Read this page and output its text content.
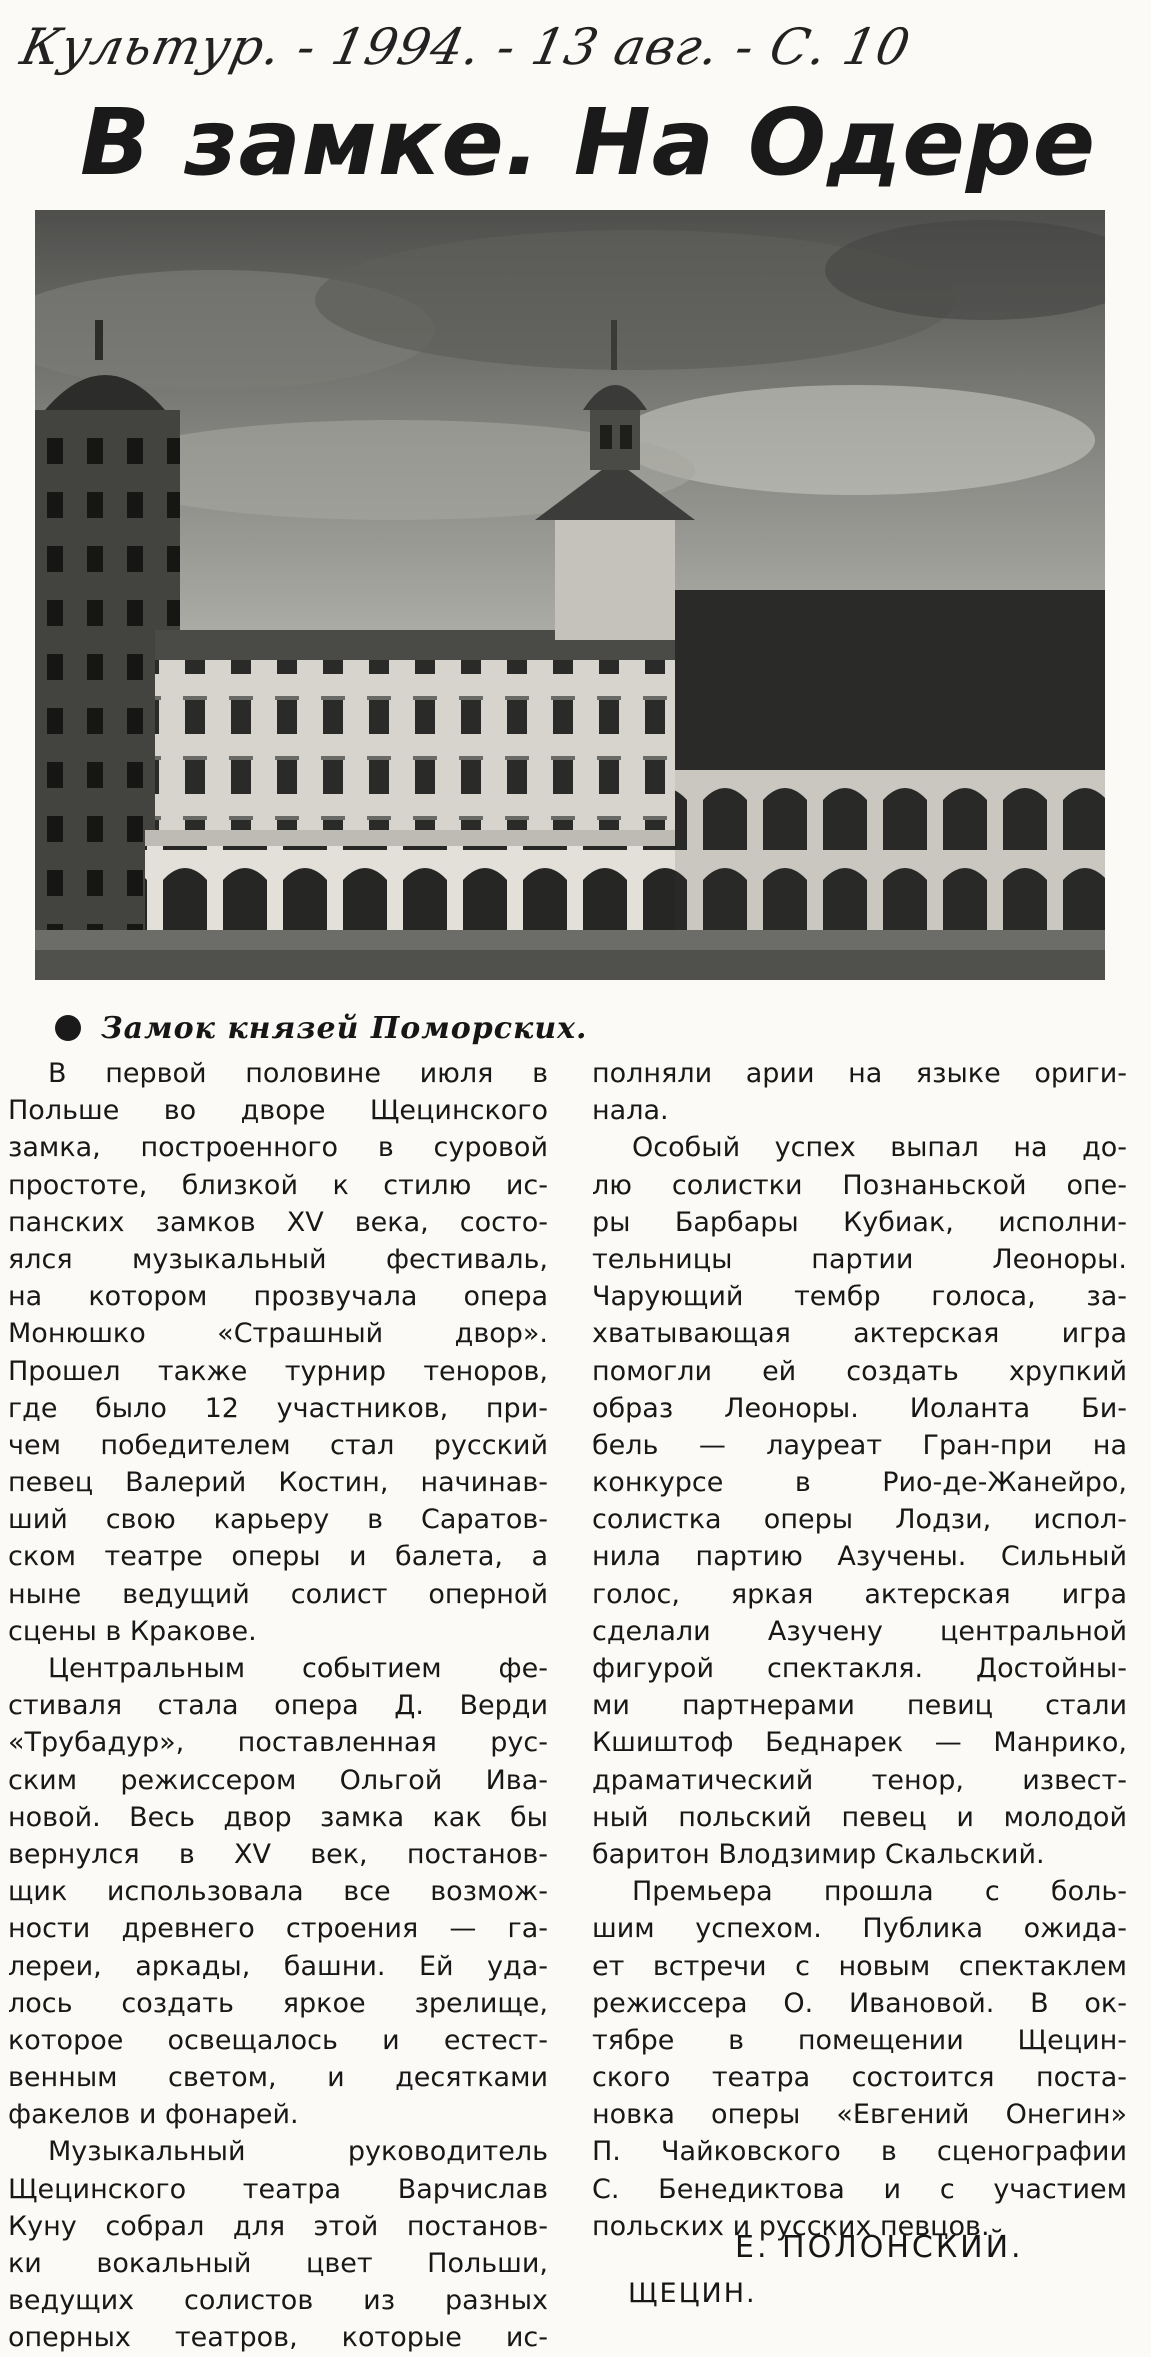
Культур. - 1994. - 13 авг. - С. 10
В замке. На Одере
Замок князей Поморских.
В первой половине июля в
Польше во дворе Щецинского
замка, построенного в суровой
простоте, близкой к стилю ис-
панских замков XV века, состо-
ялся музыкальный фестиваль,
на котором прозвучала опера
Монюшко «Страшный двор».
Прошел также турнир теноров,
где было 12 участников, при-
чем победителем стал русский
певец Валерий Костин, начинав-
ший свою карьеру в Саратов-
ском театре оперы и балета, а
ныне ведущий солист оперной
сцены в Кракове.
Центральным событием фе-
стиваля стала опера Д. Верди
«Трубадур», поставленная рус-
ским режиссером Ольгой Ива-
новой. Весь двор замка как бы
вернулся в XV век, постанов-
щик использовала все возмож-
ности древнего строения — га-
лереи, аркады, башни. Ей уда-
лось создать яркое зрелище,
которое освещалось и естест-
венным светом, и десятками
факелов и фонарей.
Музыкальный руководитель
Щецинского театра Варчислав
Куну собрал для этой постанов-
ки вокальный цвет Польши,
ведущих солистов из разных
оперных театров, которые ис-
полняли арии на языке ориги-
нала.
Особый успех выпал на до-
лю солистки Познаньской опе-
ры Барбары Кубиак, исполни-
тельницы партии Леоноры.
Чарующий тембр голоса, за-
хватывающая актерская игра
помогли ей создать хрупкий
образ Леоноры. Иоланта Би-
бель — лауреат Гран-при на
конкурсе в Рио-де-Жанейро,
солистка оперы Лодзи, испол-
нила партию Азучены. Сильный
голос, яркая актерская игра
сделали Азучену центральной
фигурой спектакля. Достойны-
ми партнерами певиц стали
Кшиштоф Беднарек — Манрико,
драматический тенор, извест-
ный польский певец и молодой
баритон Влодзимир Скальский.
Премьера прошла с боль-
шим успехом. Публика ожида-
ет встречи с новым спектаклем
режиссера О. Ивановой. В ок-
тябре в помещении Щецин-
ского театра состоится поста-
новка оперы «Евгений Онегин»
П. Чайковского в сценографии
С. Бенедиктова и с участием
польских и русских певцов.
Е. ПОЛОНСКИЙ.
ЩЕЦИН.
